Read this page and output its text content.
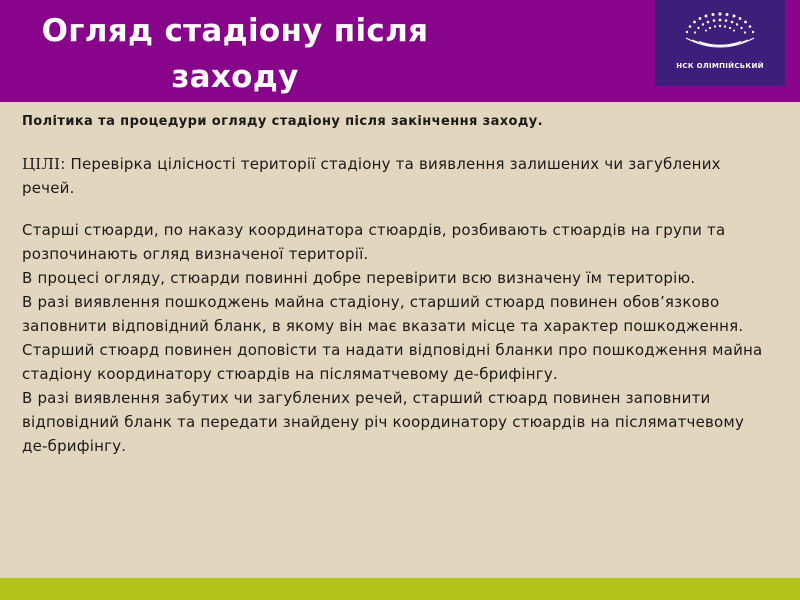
Огляд стадіону після
заходу	НСК ОЛІМПІЙСЬКИЙ
Політика та процедури огляду стадіону після закінчення заходу.
ЦІЛІ: Перевірка цілісності території стадіону та виявлення залишених чи загублених речей.

Старші стюарди, по наказу координатора стюардів, розбивають стюардів на групи та розпочинають огляд визначеної території.

В процесі огляду, стюарди повинні добре перевірити всю визначену їм територію.

В разі виявлення пошкоджень майна стадіону, старший стюард повинен обов’язково заповнити відповідний бланк, в якому він має вказати місце та характер пошкодження.

Старший стюард повинен доповісти та надати відповідні бланки про пошкодження майна стадіону координатору стюардів на післяматчевому де-брифінгу.

В разі виявлення забутих чи загублених речей, старший стюард повинен заповнити відповідний бланк та передати знайдену річ координатору стюардів на післяматчевому де-брифінгу.
